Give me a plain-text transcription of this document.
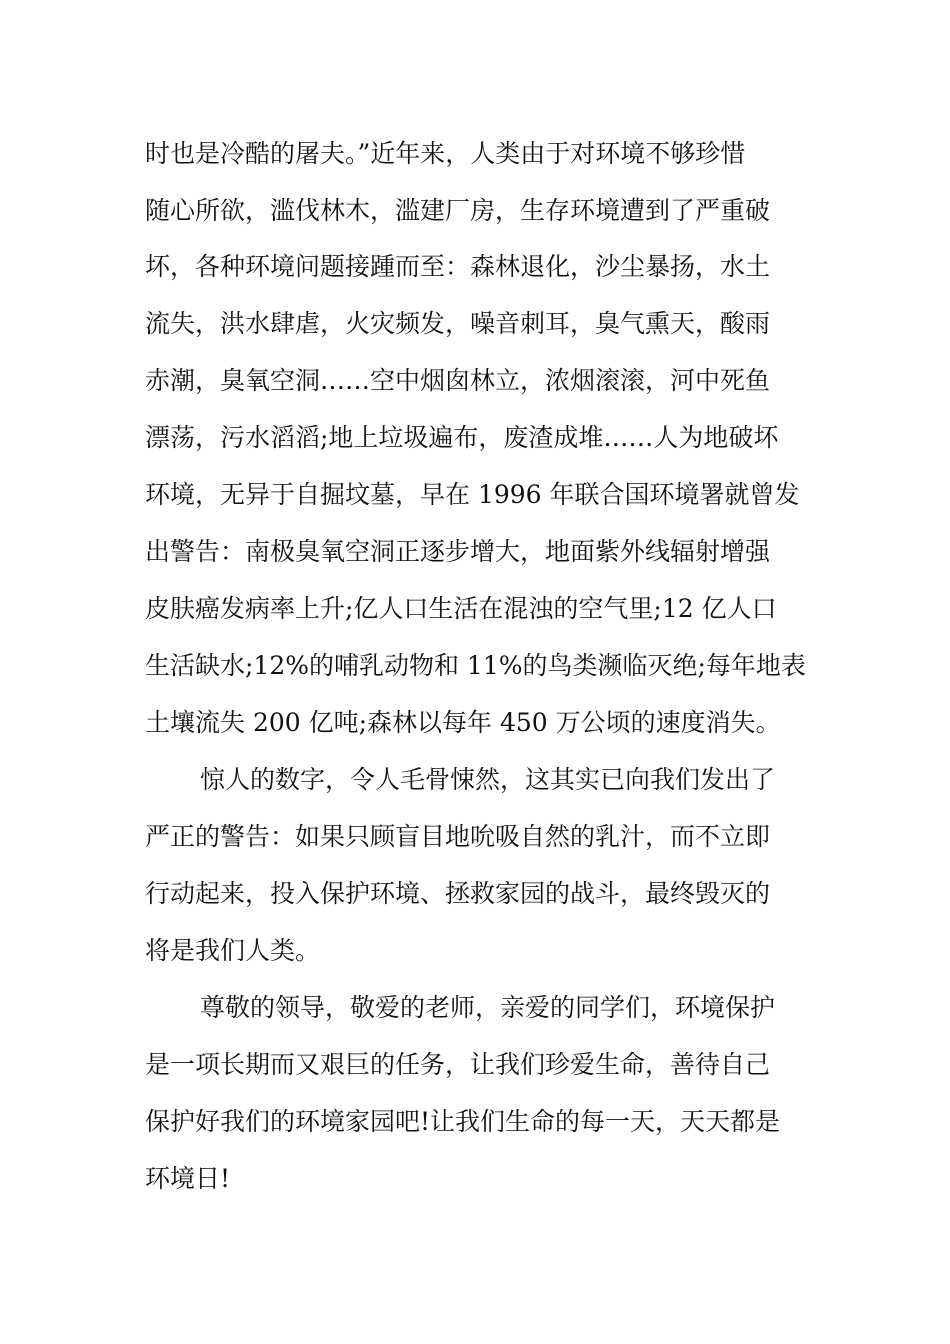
时也是冷酷的屠夫。”近年来，人类由于对环境不够珍惜
随心所欲，滥伐林木，滥建厂房，生存环境遭到了严重破
坏，各种环境问题接踵而至：森林退化，沙尘暴扬，水土
流失，洪水肆虐，火灾频发，噪音刺耳，臭气熏天，酸雨
赤潮，臭氧空洞……空中烟囱林立，浓烟滚滚，河中死鱼
漂荡，污水滔滔;地上垃圾遍布，废渣成堆……人为地破坏
环境，无异于自掘坟墓，早在 1996 年联合国环境署就曾发
出警告：南极臭氧空洞正逐步增大，地面紫外线辐射增强
皮肤癌发病率上升;亿人口生活在混浊的空气里;12 亿人口
生活缺水;12%的哺乳动物和 11%的鸟类濒临灭绝;每年地表
土壤流失 200 亿吨;森林以每年 450 万公顷的速度消失。
惊人的数字，令人毛骨悚然，这其实已向我们发出了
严正的警告：如果只顾盲目地吮吸自然的乳汁，而不立即
行动起来，投入保护环境、拯救家园的战斗，最终毁灭的
将是我们人类。
尊敬的领导，敬爱的老师，亲爱的同学们，环境保护
是一项长期而又艰巨的任务，让我们珍爱生命，善待自己
保护好我们的环境家园吧!让我们生命的每一天，天天都是
环境日!
